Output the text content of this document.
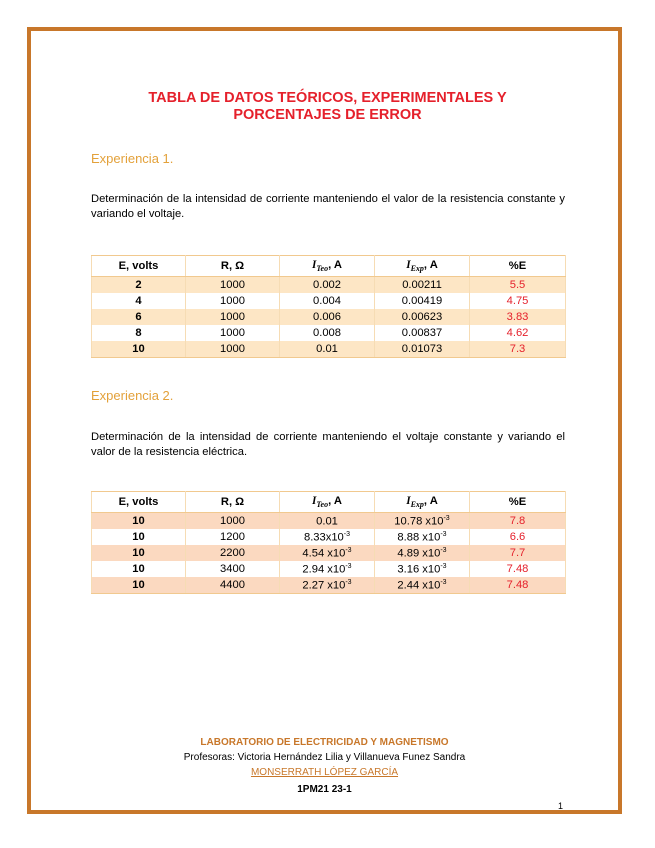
TABLA DE DATOS TEÓRICOS, EXPERIMENTALES Y
PORCENTAJES DE ERROR

Experiencia 1.

Determinación de la intensidad de corriente manteniendo el valor de la resistencia constante y variando el voltaje.

E, volts	R, Ω	$I_{Teo}$, A	$I_{Exp}$, A	%E
2	1000	0.002	0.00211	5.5
4	1000	0.004	0.00419	4.75
6	1000	0.006	0.00623	3.83
8	1000	0.008	0.00837	4.62
10	1000	0.01	0.01073	7.3

Experiencia 2.

Determinación de la intensidad de corriente manteniendo el voltaje constante y variando el valor de la resistencia eléctrica.

E, volts	R, Ω	$I_{Teo}$, A	$I_{Exp}$, A	%E
10	1000	0.01	10.78 $x10^{-3}$	7.8
10	1200	$8.33x10^{-3}$	8.88 $x10^{-3}$	6.6
10	2200	4.54 $x10^{-3}$	4.89 $x10^{-3}$	7.7
10	3400	2.94 $x10^{-3}$	3.16 $x10^{-3}$	7.48
10	4400	2.27 $x10^{-3}$	2.44 $x10^{-3}$	7.48

LABORATORIO DE ELECTRICIDAD Y MAGNETISMO

Profesoras: Victoria Hernández Lilia y Villanueva Funez Sandra

MONSERRATH LÓPEZ GARCÍA

1PM21 23-1

1
